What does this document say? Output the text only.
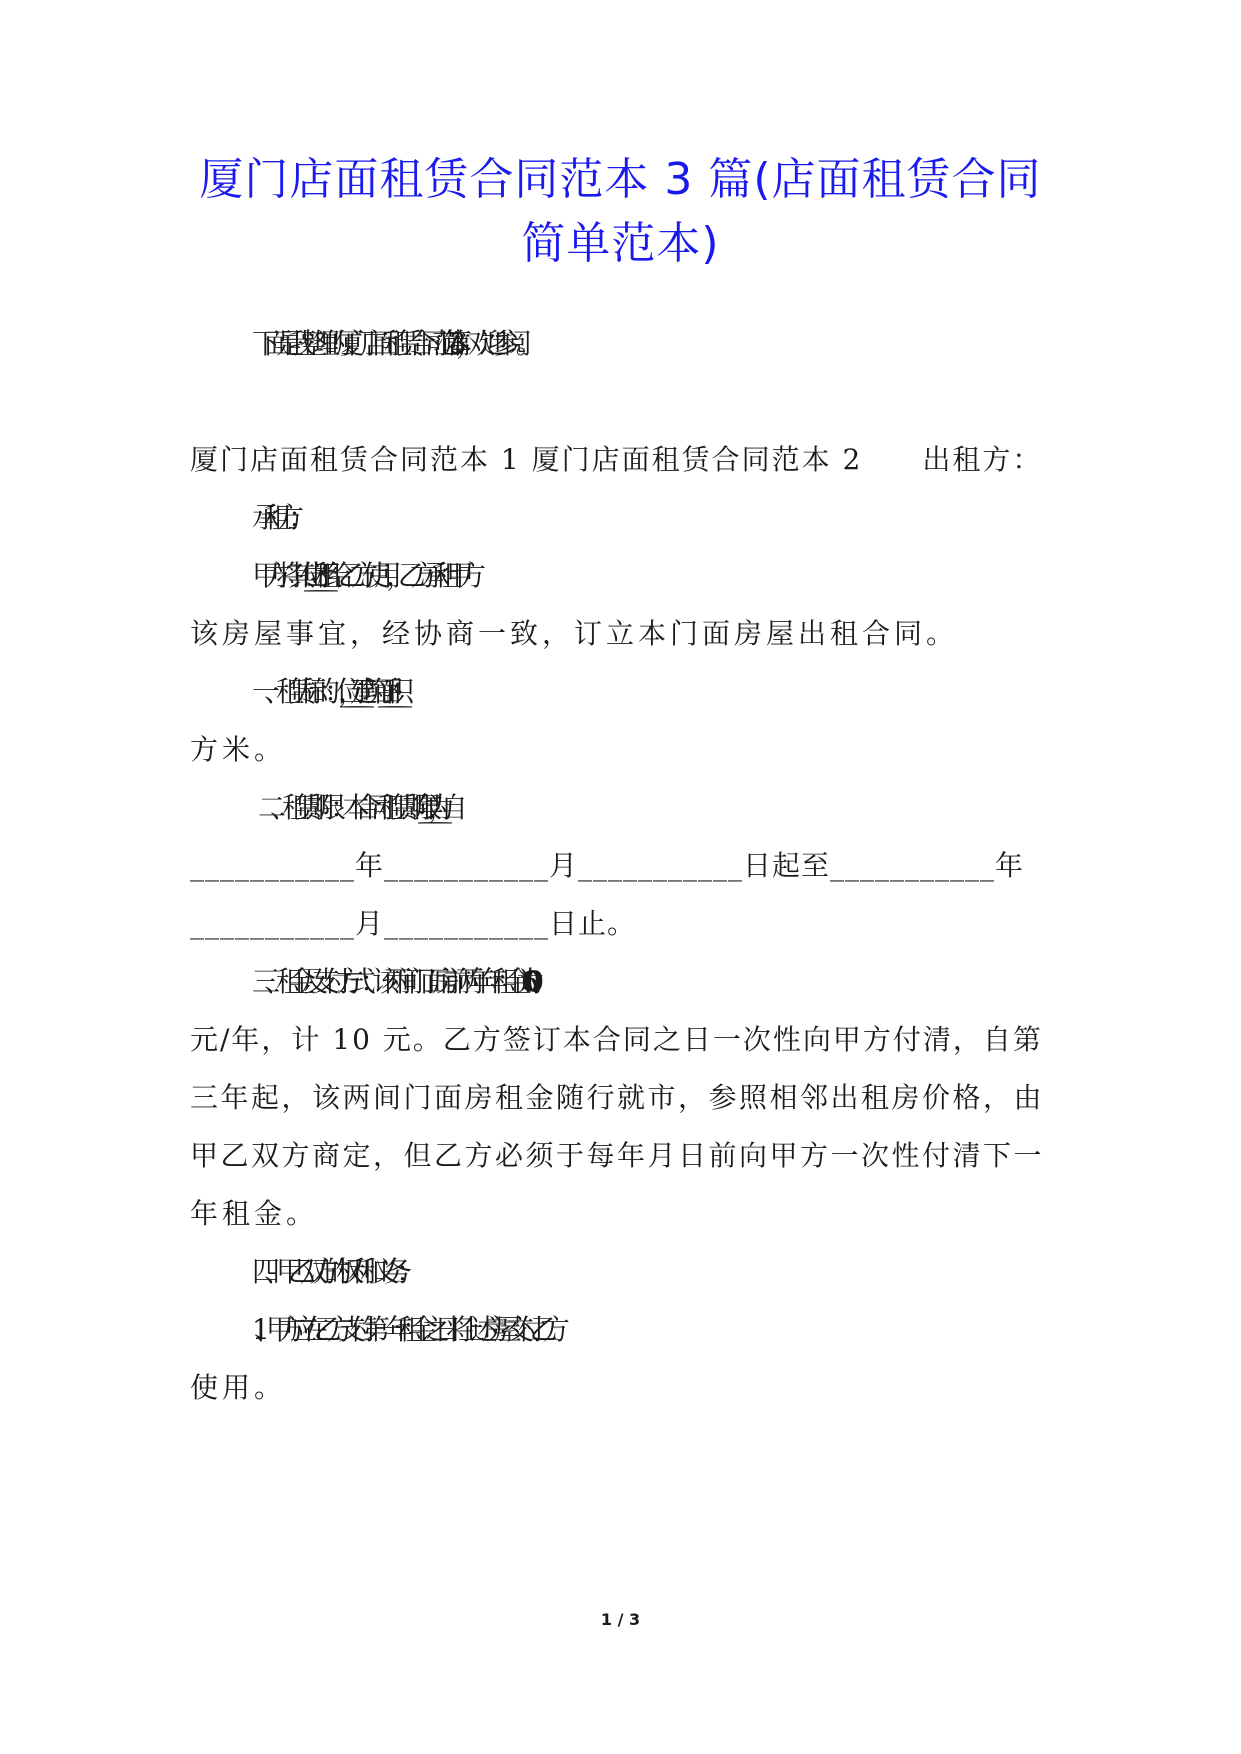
厦门店面租赁合同范本 3 篇(店面租赁合同
简单范本)
下面是我整理的厦门店面租赁合同范本 3 篇，欢迎参阅。
厦门店面租赁合同范本 1 厦门店面租赁合同范本 2　　出租方：
承租方：
甲方将其位于___________出租给乙方使用，乙方承租甲方
该房屋事宜，经协商一致，订立本门面房屋出租合同。
一、租赁标的：位于___________，建筑面积___________平
方米。
二、租赁期限：本合同租赁期限为___________年，自
___________年___________月___________日起至___________年
___________月___________日止。
三、租金及支付方式：该两间门面房前两年年租金为 6000
元/年，计 10 元。乙方签订本合同之日一次性向甲方付清，自第
三年起，该两间门面房租金随行就市，参照相邻出租房价格，由
甲乙双方商定，但乙方必须于每年月日前向甲方一次性付清下一
年租金。
四、甲乙双方的权利和义务：
1、甲方应在乙方支付第一年租金之日将上述房屋交付乙方
使用。
1 / 3
